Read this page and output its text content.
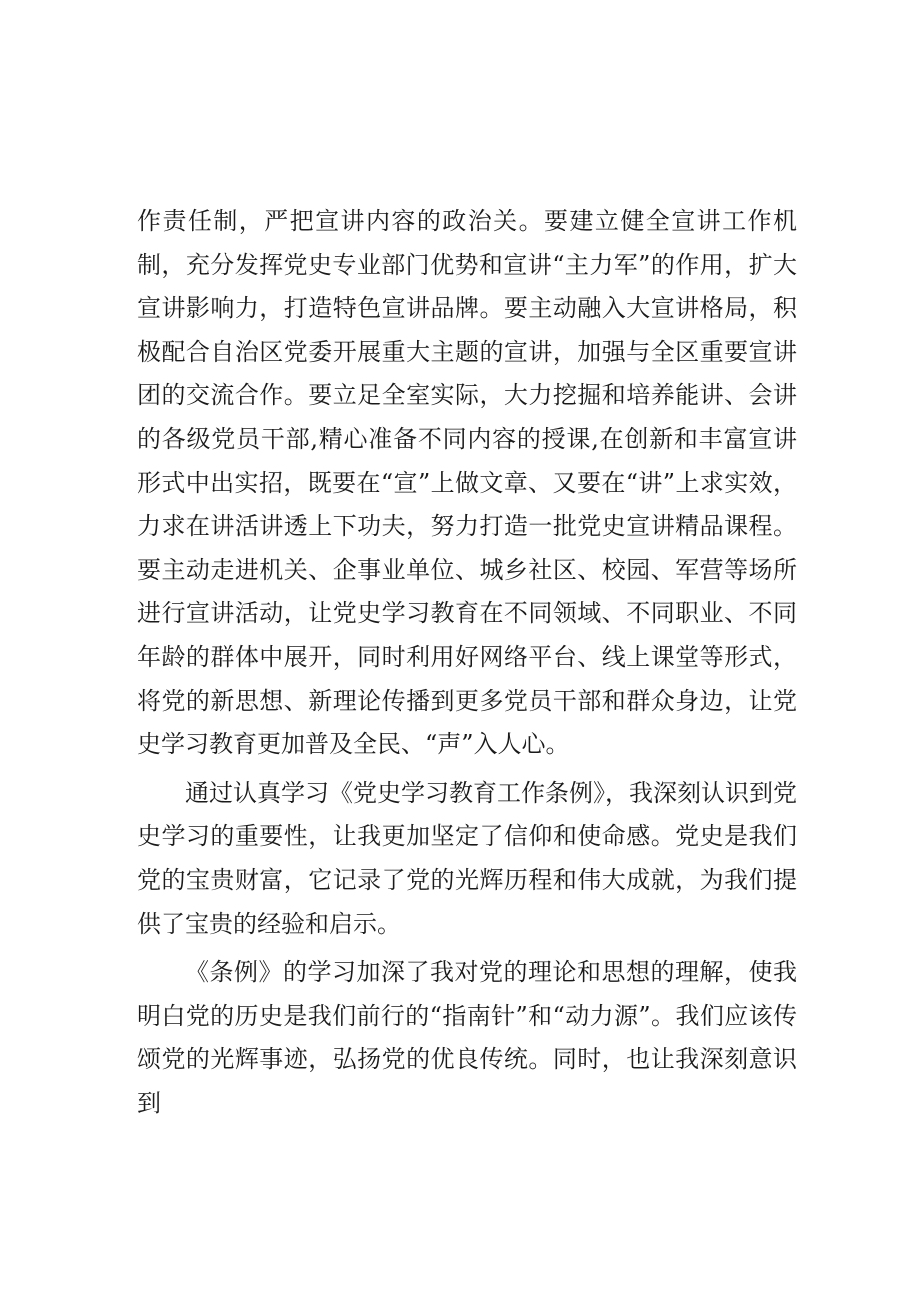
作责任制，严把宣讲内容的政治关。要建立健全宣讲工作机制，充分发挥党史专业部门优势和宣讲“主力军”的作用，扩大宣讲影响力，打造特色宣讲品牌。要主动融入大宣讲格局，积极配合自治区党委开展重大主题的宣讲，加强与全区重要宣讲团的交流合作。要立足全室实际，大力挖掘和培养能讲、会讲的各级党员干部,精心准备不同内容的授课,在创新和丰富宣讲形式中出实招，既要在“宣”上做文章、又要在“讲”上求实效，力求在讲活讲透上下功夫，努力打造一批党史宣讲精品课程。要主动走进机关、企事业单位、城乡社区、校园、军营等场所进行宣讲活动，让党史学习教育在不同领域、不同职业、不同年龄的群体中展开，同时利用好网络平台、线上课堂等形式，将党的新思想、新理论传播到更多党员干部和群众身边，让党史学习教育更加普及全民、“声”入人心。

通过认真学习《党史学习教育工作条例》，我深刻认识到党史学习的重要性，让我更加坚定了信仰和使命感。党史是我们党的宝贵财富，它记录了党的光辉历程和伟大成就，为我们提供了宝贵的经验和启示。

《条例》的学习加深了我对党的理论和思想的理解，使我明白党的历史是我们前行的“指南针”和“动力源”。我们应该传颂党的光辉事迹，弘扬党的优良传统。同时，也让我深刻意识到
